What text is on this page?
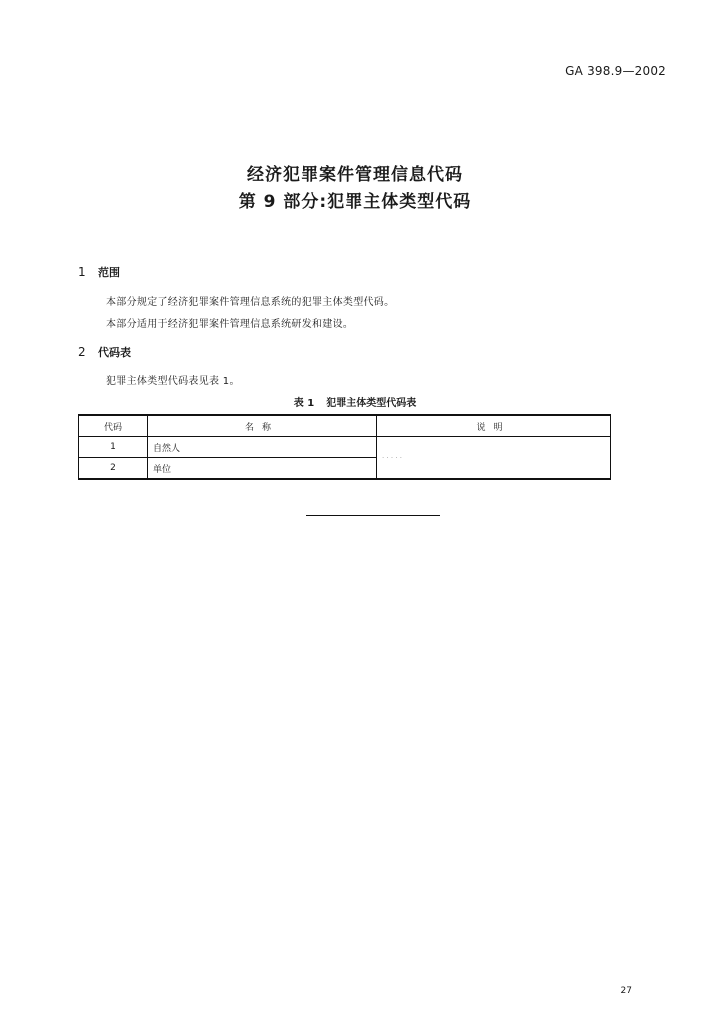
GA 398.9—2002
经济犯罪案件管理信息代码
第 9 部分:犯罪主体类型代码
1 范围
本部分规定了经济犯罪案件管理信息系统的犯罪主体类型代码。
本部分适用于经济犯罪案件管理信息系统研发和建设。
2 代码表
犯罪主体类型代码表见表 1。
表 1 犯罪主体类型代码表
代码	名称	说明
1	自然人	· · · · ·
2	单位	
27
